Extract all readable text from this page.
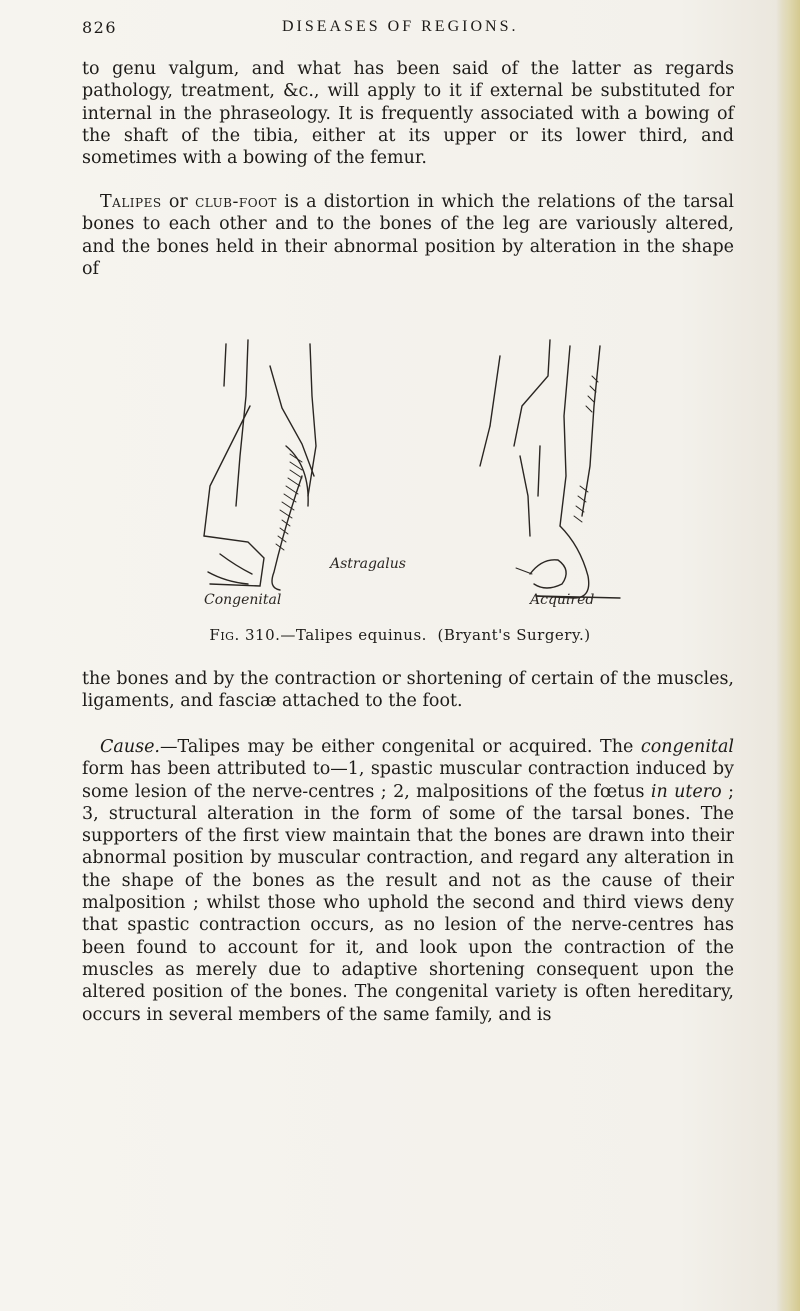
826	DISEASES OF REGIONS.

to genu valgum, and what has been said of the latter as regards pathology, treatment, &c., will apply to it if external be substituted for internal in the phraseology. It is frequently associated with a bowing of the shaft of the tibia, either at its upper or its lower third, and sometimes with a bowing of the femur.

Talipes or club-foot is a distortion in which the relations of the tarsal bones to each other and to the bones of the leg are variously altered, and the bones held in their abnormal position by alteration in the shape of

Astragalus
Congenital	Acquired
Fig. 310.—Talipes equinus. (Bryant's Surgery.)

the bones and by the contraction or shortening of certain of the muscles, ligaments, and fasciæ attached to the foot.

Cause.—Talipes may be either congenital or acquired. The congenital form has been attributed to—1, spastic muscular contraction induced by some lesion of the nerve-centres ; 2, malpositions of the fœtus in utero ; 3, structural alteration in the form of some of the tarsal bones. The supporters of the first view maintain that the bones are drawn into their abnormal position by muscular contraction, and regard any alteration in the shape of the bones as the result and not as the cause of their malposition ; whilst those who uphold the second and third views deny that spastic contraction occurs, as no lesion of the nerve-centres has been found to account for it, and look upon the contraction of the muscles as merely due to adaptive shortening consequent upon the altered position of the bones. The congenital variety is often hereditary, occurs in several members of the same family, and is
